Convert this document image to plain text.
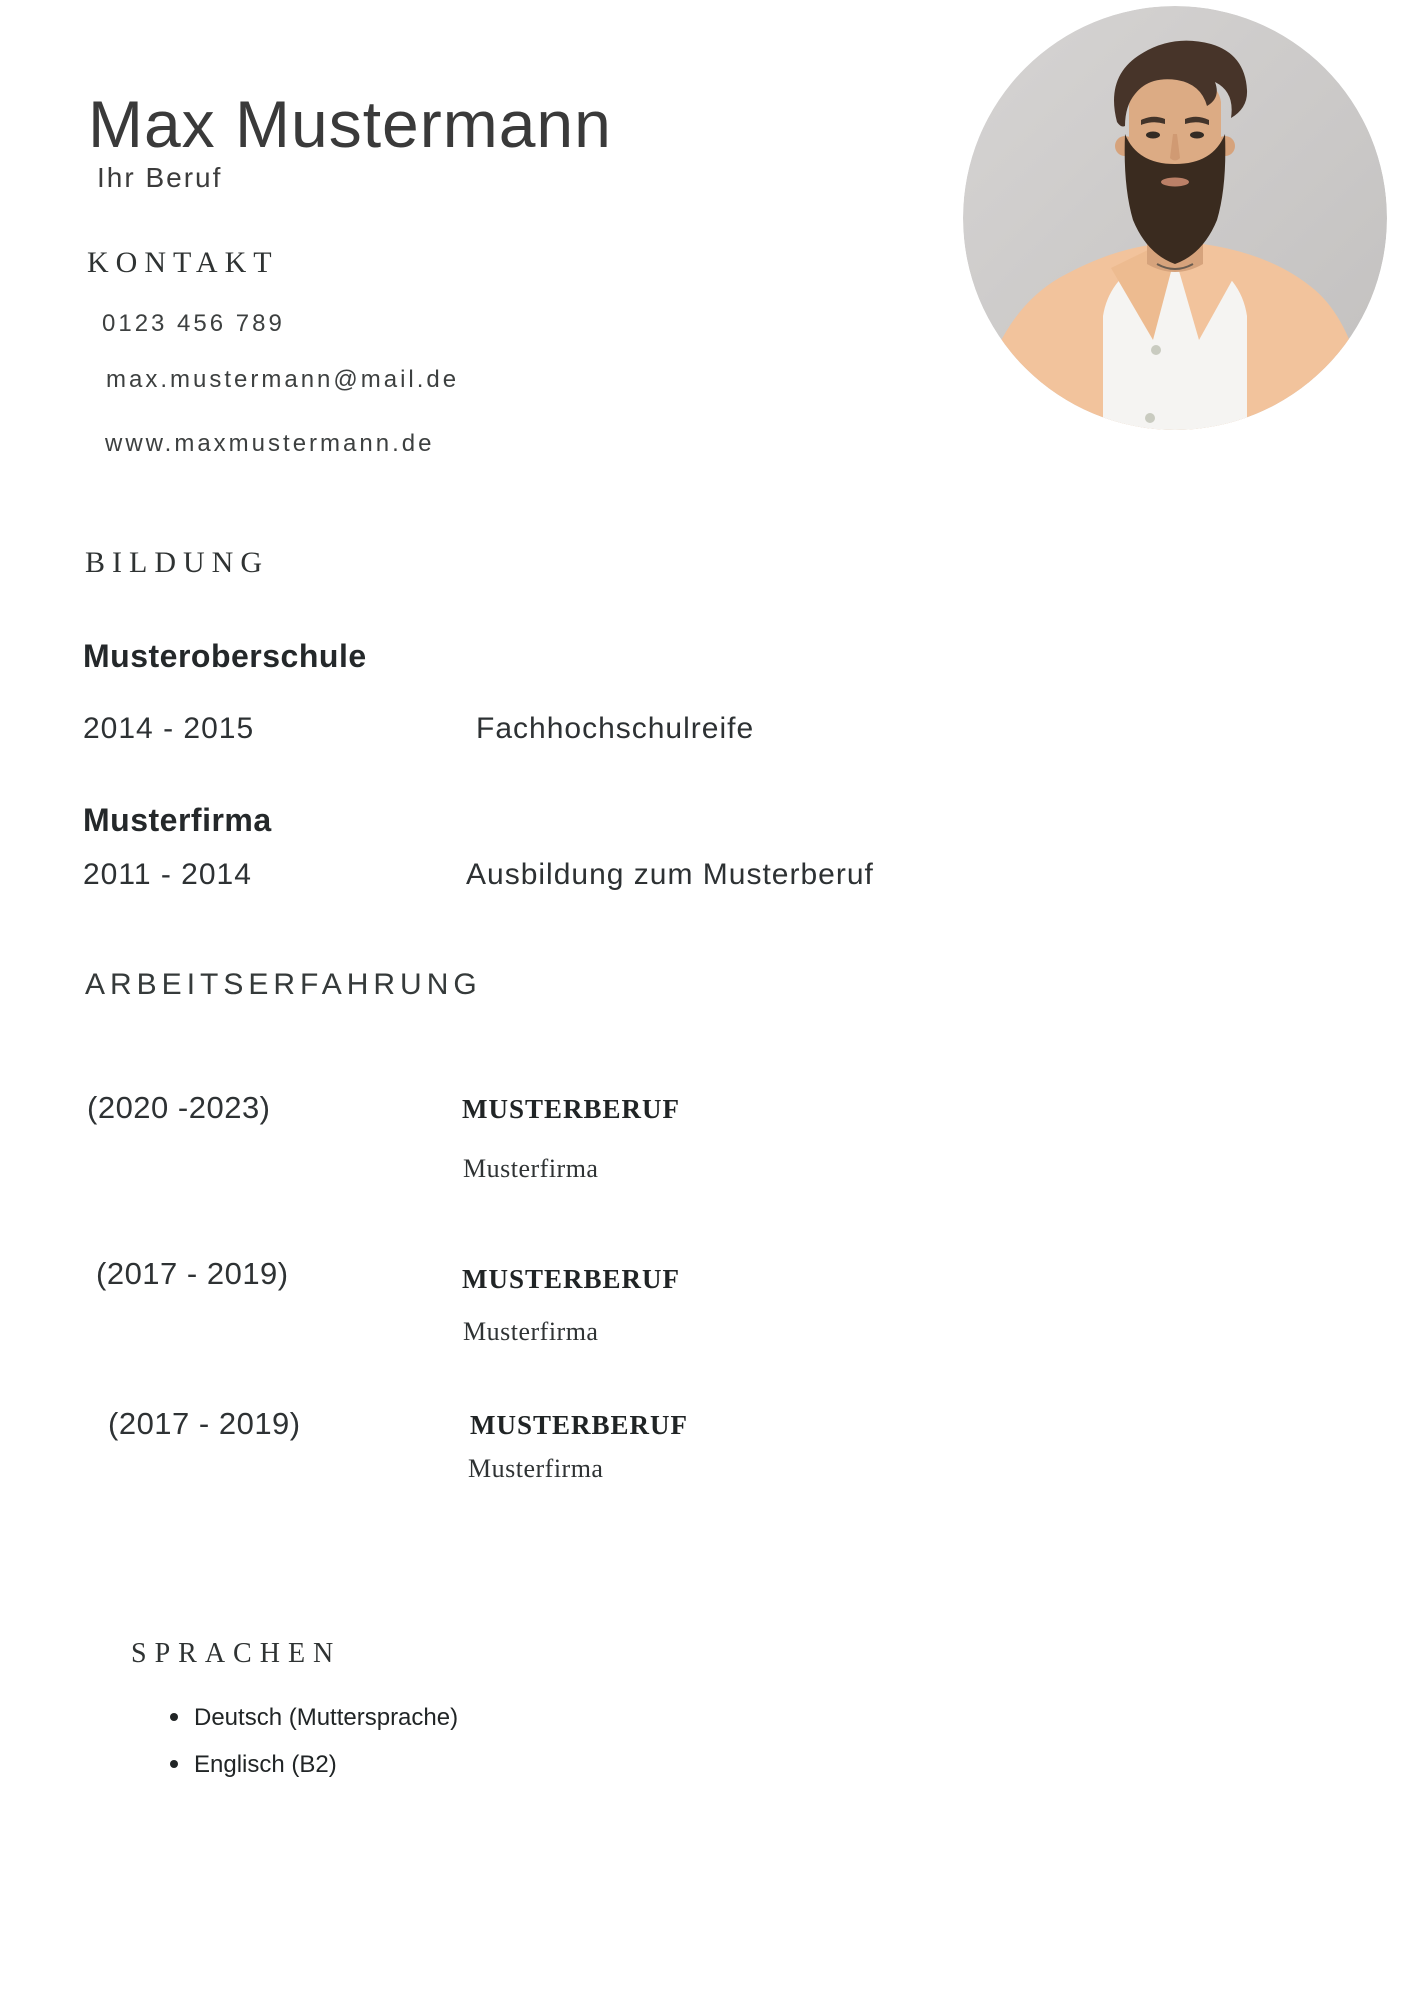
Max Mustermann
Ihr Beruf
KONTAKT
0123 456 789
max.mustermann@mail.de
www.maxmustermann.de
BILDUNG
Musteroberschule
2014 - 2015	Fachhochschulreife
Musterfirma
2011 - 2014	Ausbildung zum Musterberuf
ARBEITSERFAHRUNG
(2020 -2023)	MUSTERBERUF
Musterfirma
(2017 - 2019)	MUSTERBERUF
Musterfirma
(2017 - 2019)	MUSTERBERUF
Musterfirma
SPRACHEN
Deutsch (Muttersprache)
Englisch (B2)
